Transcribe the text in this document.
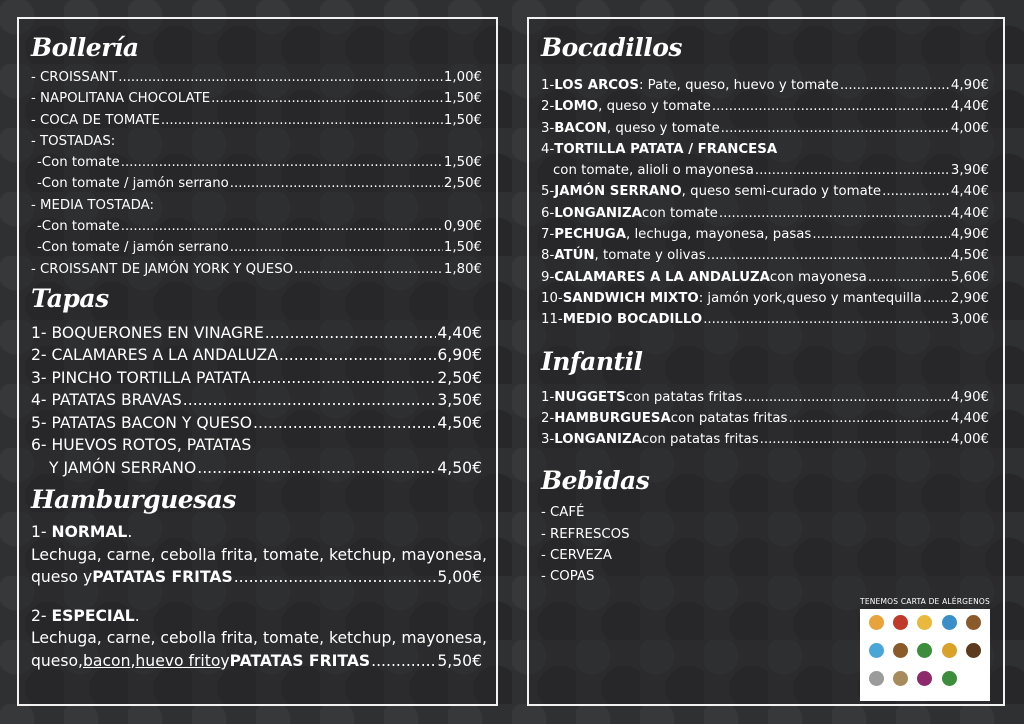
Bollería
- CROISSANT .....	1,00€
- NAPOLITANA CHOCOLATE .....	1,50€
- COCA DE TOMATE .....	1,50€
- TOSTADAS:
-Con tomate .....	1,50€
-Con tomate / jamón serrano .....	2,50€
- MEDIA TOSTADA:
-Con tomate .....	0,90€
-Con tomate / jamón serrano .....	1,50€
- CROISSANT DE JAMÓN YORK Y QUESO .....	1,80€
Tapas
1- BOQUERONES EN VINAGRE .....	4,40€
2- CALAMARES A LA ANDALUZA .....	6,90€
3- PINCHO TORTILLA PATATA .....	2,50€
4- PATATAS BRAVAS .....	3,50€
5- PATATAS BACON Y QUESO .....	4,50€
6- HUEVOS ROTOS, PATATAS
Y JAMÓN SERRANO .....	4,50€
Hamburguesas
1- NORMAL.
Lechuga, carne, cebolla frita, tomate, ketchup, mayonesa,
queso y PATATAS FRITAS .....	5,00€
2- ESPECIAL.
Lechuga, carne, cebolla frita, tomate, ketchup, mayonesa,
queso, bacon , huevo frito y PATATAS FRITAS .....	5,50€
Bocadillos
1- LOS ARCOS : Pate, queso, huevo y tomate .....	4,90€
2- LOMO , queso y tomate .....	4,40€
3- BACON , queso y tomate .....	4,00€
4- TORTILLA PATATA / FRANCESA
con tomate, alioli o mayonesa .....	3,90€
5- JAMÓN SERRANO , queso semi-curado y tomate .....	4,40€
6- LONGANIZA con tomate .....	4,40€
7- PECHUGA , lechuga, mayonesa, pasas .....	4,90€
8- ATÚN , tomate y olivas .....	4,50€
9- CALAMARES A LA ANDALUZA con mayonesa .....	5,60€
10- SANDWICH MIXTO : jamón york,queso y mantequilla ..... 2,90€
11- MEDIO BOCADILLO .....	3,00€
Infantil
1- NUGGETS con patatas fritas .....	4,90€
2- HAMBURGUESA con patatas fritas .....	4,40€
3- LONGANIZA con patatas fritas .....	4,00€
Bebidas
- CAFÉ
- REFRESCOS
- CERVEZA
- COPAS
TENEMOS CARTA DE ALÉRGENOS
